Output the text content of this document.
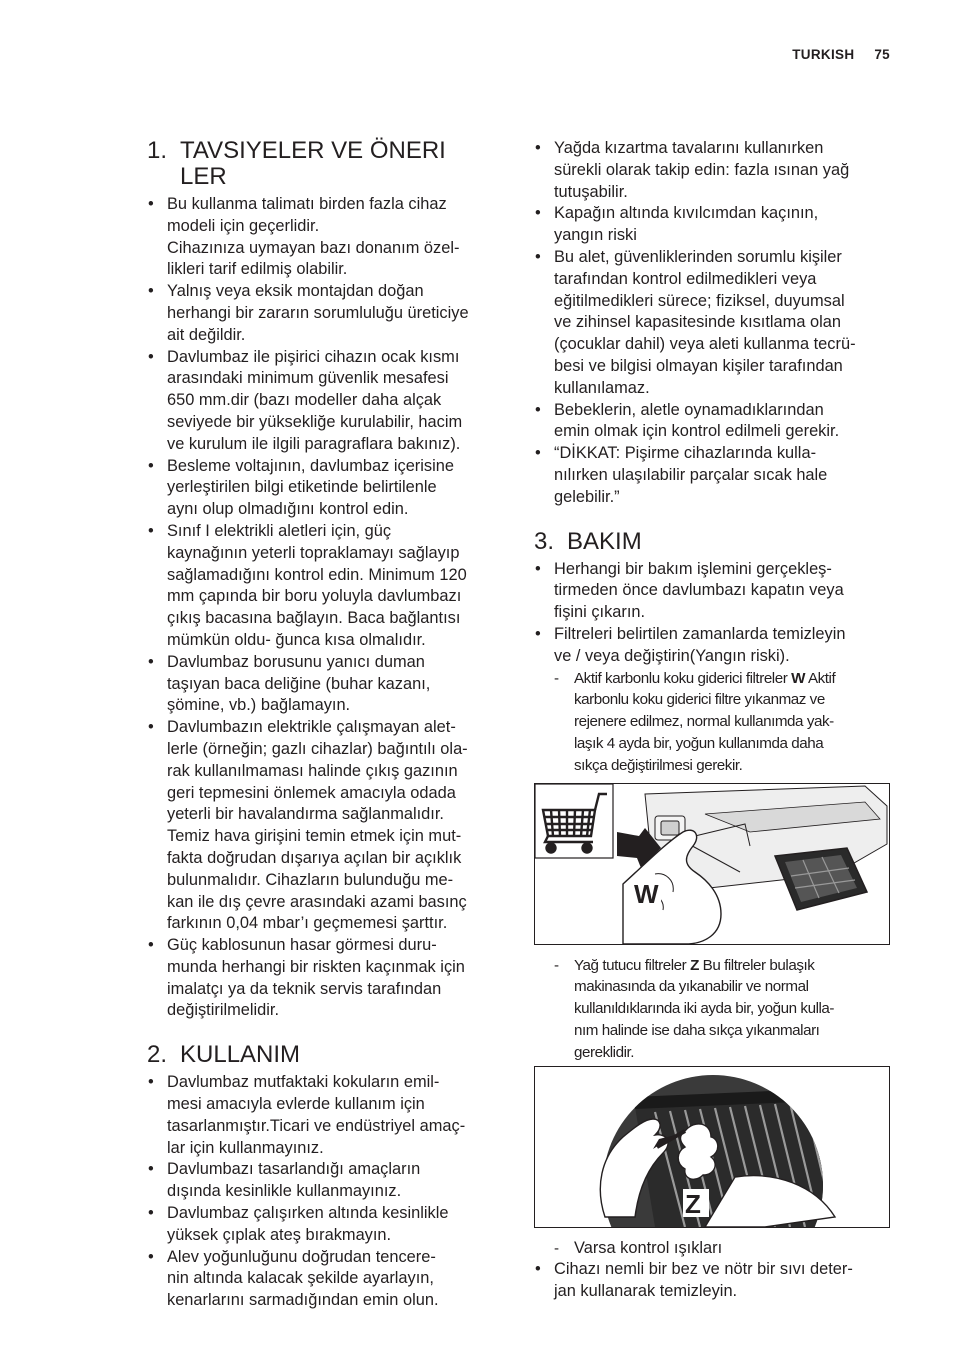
TURKISH 75
1. TAVSIYELER VE ÖNERI
LER
• Bu kullanma talimatı birden fazla cihaz
modeli için geçerlidir.
Cihazınıza uymayan bazı donanım özel-
likleri tarif edilmiş olabilir.
• Yalnış veya eksik montajdan doğan
herhangi bir zararın sorumluluğu üreticiye
ait değildir.
• Davlumbaz ile pişirici cihazın ocak kısmı
arasındaki minimum güvenlik mesafesi
650 mm.dir (bazı modeller daha alçak
seviyede bir yüksekliğe kurulabilir, hacim
ve kurulum ile ilgili paragraflara bakınız).
• Besleme voltajının, davlumbaz içerisine
yerleştirilen bilgi etiketinde belirtilenle
aynı olup olmadığını kontrol edin.
• Sınıf I elektrikli aletleri için, güç
kaynağının yeterli topraklamayı sağlayıp
sağlamadığını kontrol edin. Minimum 120
mm çapında bir boru yoluyla davlumbazı
çıkış bacasına bağlayın. Baca bağlantısı
mümkün oldu- ğunca kısa olmalıdır.
• Davlumbaz borusunu yanıcı duman
taşıyan baca deliğine (buhar kazanı,
şömine, vb.) bağlamayın.
• Davlumbazın elektrikle çalışmayan alet-
lerle (örneğin; gazlı cihazlar) bağıntılı ola-
rak kullanılmaması halinde çıkış gazının
geri tepmesini önlemek amacıyla odada
yeterli bir havalandırma sağlanmalıdır.
Temiz hava girişini temin etmek için mut-
fakta doğrudan dışarıya açılan bir açıklık
bulunmalıdır. Cihazların bulunduğu me-
kan ile dış çevre arasındaki azami basınç
farkının 0,04 mbar’ı geçmemesi şarttır.
• Güç kablosunun hasar görmesi duru-
munda herhangi bir riskten kaçınmak için
imalatçı ya da teknik servis tarafından
değiştirilmelidir.
2. KULLANIM
• Davlumbaz mutfaktaki kokuların emil-
mesi amacıyla evlerde kullanım için
tasarlanmıştır.Ticari ve endüstriyel amaç-
lar için kullanmayınız.
• Davlumbazı tasarlandığı amaçların
dışında kesinlikle kullanmayınız.
• Davlumbaz çalışırken altında kesinlikle
yüksek çıplak ateş bırakmayın.
• Alev yoğunluğunu doğrudan tencere-
nin altında kalacak şekilde ayarlayın,
kenarlarını sarmadığından emin olun.
• Yağda kızartma tavalarını kullanırken
sürekli olarak takip edin: fazla ısınan yağ
tutuşabilir.
• Kapağın altında kıvılcımdan kaçının,
yangın riski
• Bu alet, güvenliklerinden sorumlu kişiler
tarafından kontrol edilmedikleri veya
eğitilmedikleri sürece; fiziksel, duyumsal
ve zihinsel kapasitesinde kısıtlama olan
(çocuklar dahil) veya aleti kullanma tecrü-
besi ve bilgisi olmayan kişiler tarafından
kullanılamaz.
• Bebeklerin, aletle oynamadıklarından
emin olmak için kontrol edilmeli gerekir.
• “DİKKAT: Pişirme cihazlarında kulla-
nılırken ulaşılabilir parçalar sıcak hale
gelebilir.”
3. BAKIM
• Herhangi bir bakım işlemini gerçekleş-
tirmeden önce davlumbazı kapatın veya
fişini çıkarın.
• Filtreleri belirtilen zamanlarda temizleyin
ve / veya değiştirin(Yangın riski).
- Aktif karbonlu koku giderici filtreler W Aktif
karbonlu koku giderici filtre yıkanmaz ve
rejenere edilmez, normal kullanımda yak-
laşık 4 ayda bir, yoğun kullanımda daha
sıkça değiştirilmesi gerekir.
W
- Yağ tutucu filtreler Z Bu filtreler bulaşık
makinasında da yıkanabilir ve normal
kullanıldıklarında iki ayda bir, yoğun kulla-
nım halinde ise daha sıkça yıkanmaları
gereklidir.
Z
- Varsa kontrol ışıkları
• Cihazı nemli bir bez ve nötr bir sıvı deter-
jan kullanarak temizleyin.
